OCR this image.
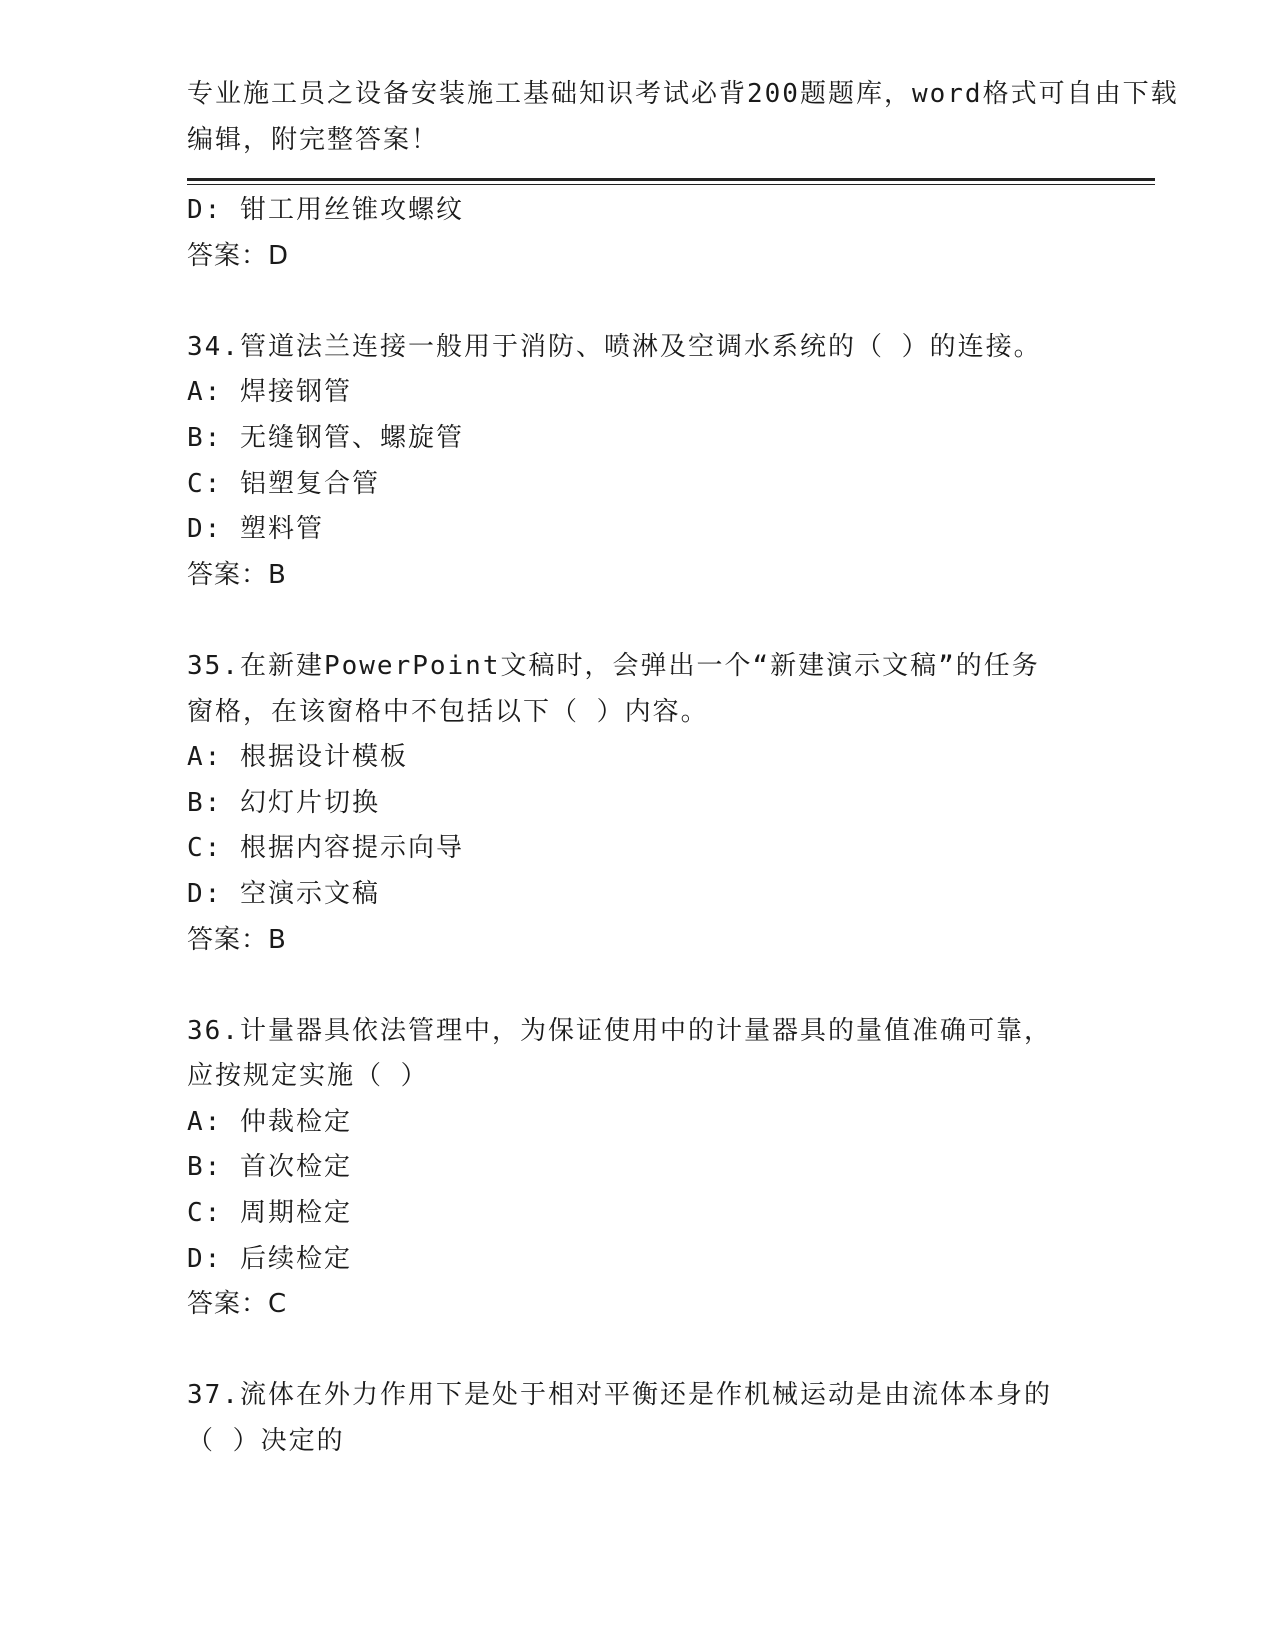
专业施工员之设备安装施工基础知识考试必背200题题库，word格式可自由下载
编辑，附完整答案！
D: 钳工用丝锥攻螺纹
答案：D
34.管道法兰连接一般用于消防、喷淋及空调水系统的（ ）的连接。
A: 焊接钢管
B: 无缝钢管、螺旋管
C: 铝塑复合管
D: 塑料管
答案：B
35.在新建PowerPoint文稿时，会弹出一个“新建演示文稿”的任务
窗格，在该窗格中不包括以下（ ）内容。
A: 根据设计模板
B: 幻灯片切换
C: 根据内容提示向导
D: 空演示文稿
答案：B
36.计量器具依法管理中，为保证使用中的计量器具的量值准确可靠，
应按规定实施（ ）
A: 仲裁检定
B: 首次检定
C: 周期检定
D: 后续检定
答案：C
37.流体在外力作用下是处于相对平衡还是作机械运动是由流体本身的
（ ）决定的
